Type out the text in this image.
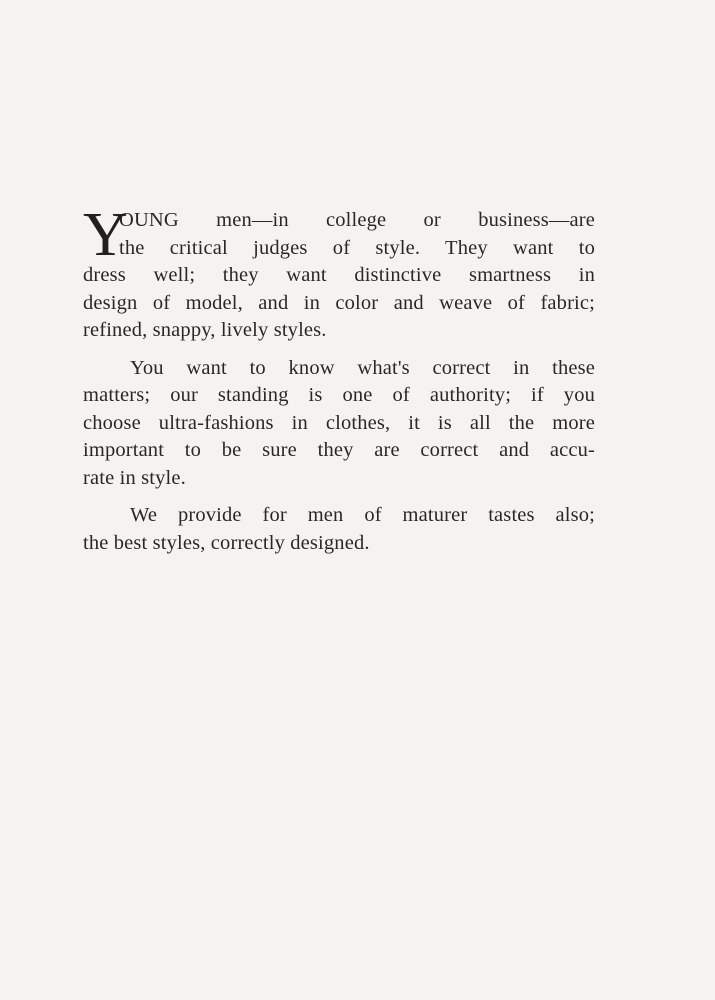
Y
OUNG men—in college or business—are
the critical judges of style. They want to
dress well; they want distinctive smartness in
design of model, and in color and weave of fabric;
refined, snappy, lively styles.
You want to know what's correct in these
matters; our standing is one of authority; if you
choose ultra-fashions in clothes, it is all the more
important to be sure they are correct and accu-
rate in style.
We provide for men of maturer tastes also;
the best styles, correctly designed.
